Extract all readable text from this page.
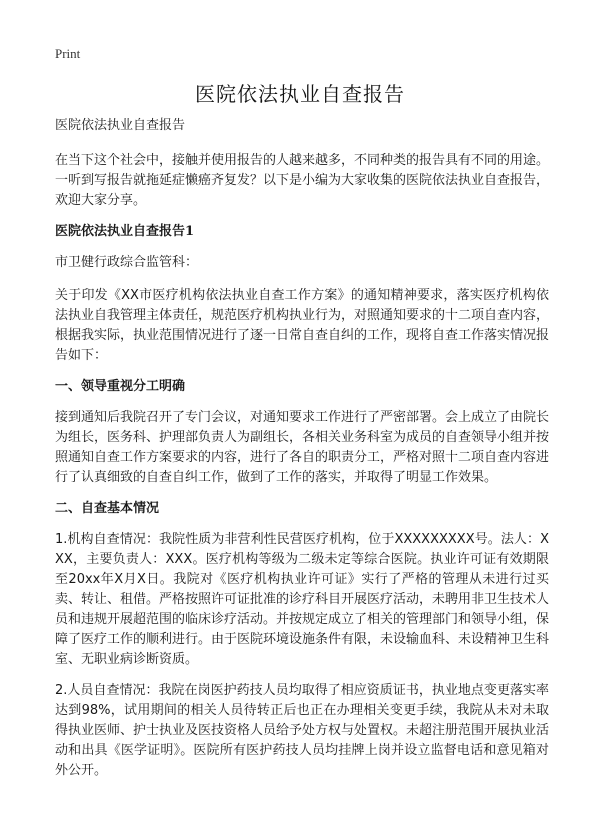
Print
医院依法执业自查报告
医院依法执业自查报告
在当下这个社会中，接触并使用报告的人越来越多，不同种类的报告具有不同的用途。一听到写报告就拖延症懒癌齐复发？以下是小编为大家收集的医院依法执业自查报告，欢迎大家分享。
医院依法执业自查报告1
市卫健行政综合监管科：
关于印发《XX市医疗机构依法执业自查工作方案》的通知精神要求，落实医疗机构依法执业自我管理主体责任，规范医疗机构执业行为，对照通知要求的十二项自查内容，根据我实际，执业范围情况进行了逐一日常自查自纠的工作，现将自查工作落实情况报告如下：
一、领导重视分工明确
接到通知后我院召开了专门会议，对通知要求工作进行了严密部署。会上成立了由院长为组长，医务科、护理部负责人为副组长，各相关业务科室为成员的自查领导小组并按照通知自查工作方案要求的内容，进行了各自的职责分工，严格对照十二项自查内容进行了认真细致的自查自纠工作，做到了工作的落实，并取得了明显工作效果。
二、自查基本情况
1.机构自查情况：我院性质为非营利性民营医疗机构，位于XXXXXXXXX号。法人：XXX，主要负责人：XXX。医疗机构等级为二级未定等综合医院。执业许可证有效期限至20xx年X月X日。我院对《医疗机构执业许可证》实行了严格的管理从未进行过买卖、转让、租借。严格按照许可证批准的诊疗科目开展医疗活动，未聘用非卫生技术人员和违规开展超范围的临床诊疗活动。并按规定成立了相关的管理部门和领导小组，保障了医疗工作的顺利进行。由于医院环境设施条件有限，未设输血科、未设精神卫生科室、无职业病诊断资质。
2.人员自查情况：我院在岗医护药技人员均取得了相应资质证书，执业地点变更落实率达到98%，试用期间的相关人员待转正后也正在办理相关变更手续，我院从未对未取得执业医师、护士执业及医技资格人员给予处方权与处置权。未超注册范围开展执业活动和出具《医学证明》。医院所有医护药技人员均挂牌上岗并设立监督电话和意见箱对外公开。
